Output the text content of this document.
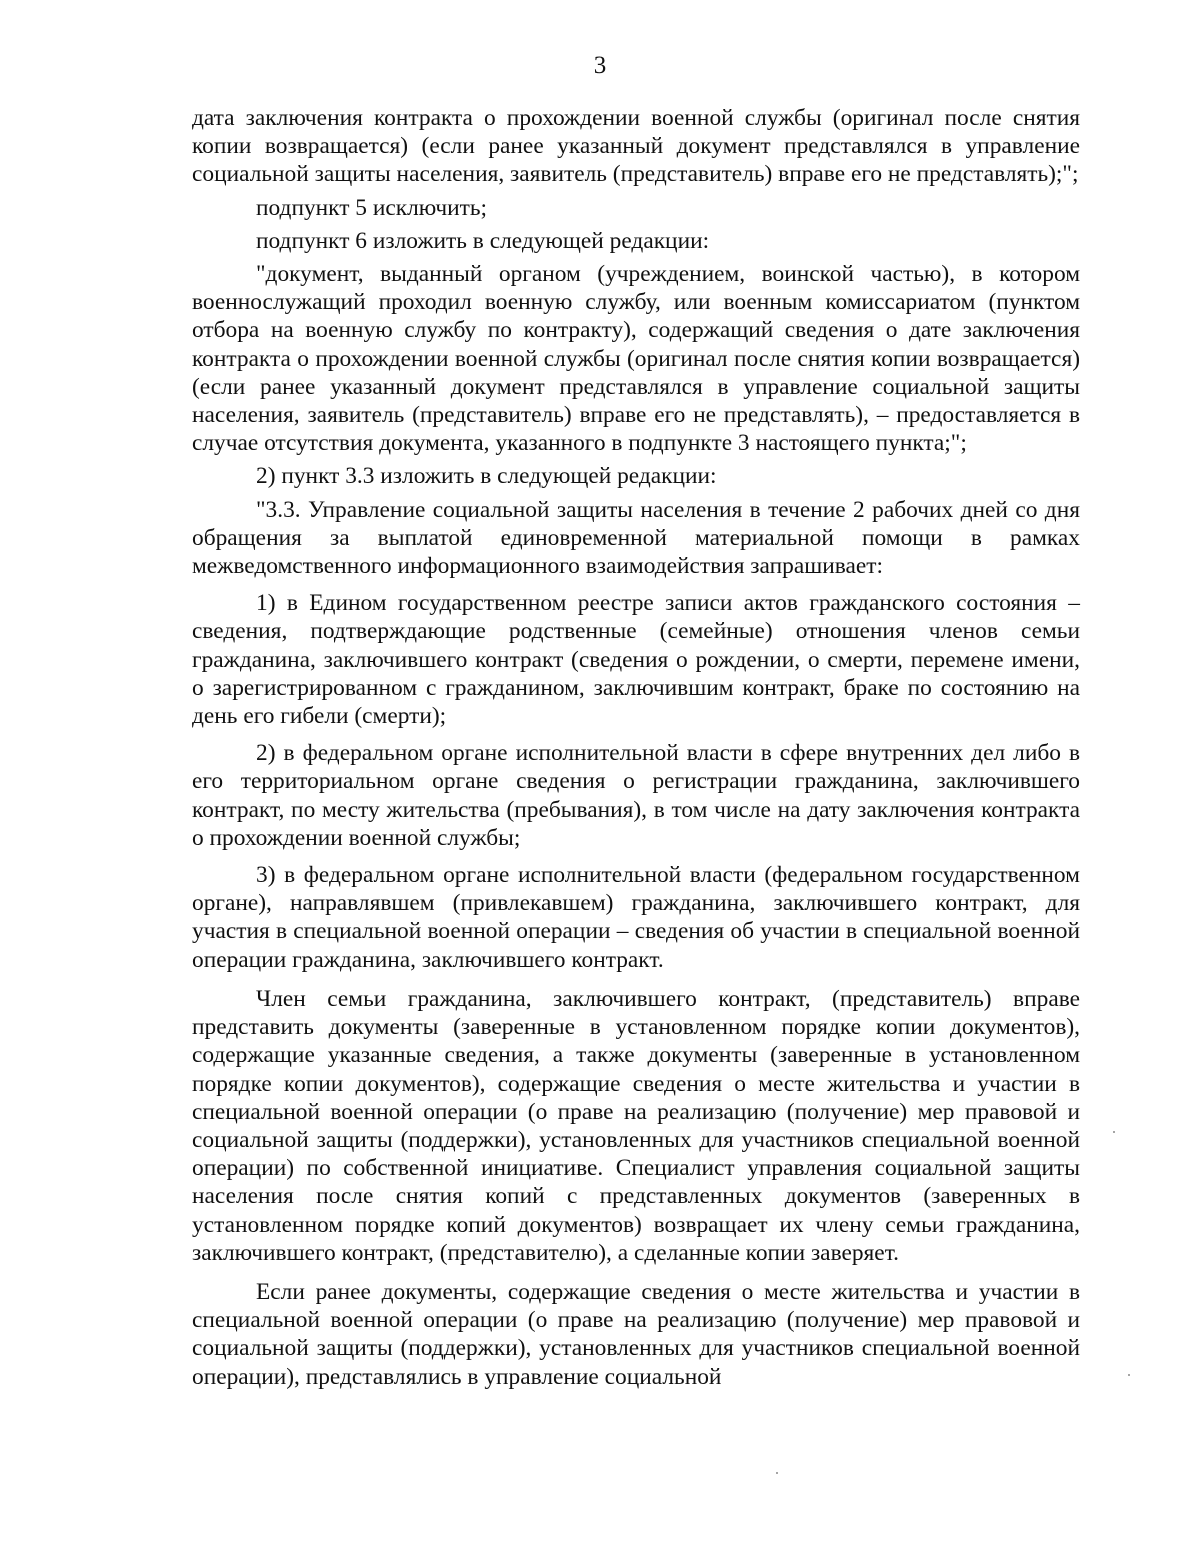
3

дата заключения контракта о прохождении военной службы (оригинал после снятия копии возвращается) (если ранее указанный документ представлялся в управление социальной защиты населения, заявитель (представитель) вправе его не представлять);";

подпункт 5 исключить;

подпункт 6 изложить в следующей редакции:

"документ, выданный органом (учреждением, воинской частью), в котором военнослужащий проходил военную службу, или военным комиссариатом (пунктом отбора на военную службу по контракту), содержащий сведения о дате заключения контракта о прохождении военной службы (оригинал после снятия копии возвращается) (если ранее указанный документ представлялся в управление социальной защиты населения, заявитель (представитель) вправе его не представлять), – предоставляется в случае отсутствия документа, указанного в подпункте 3 настоящего пункта;";

2) пункт 3.3 изложить в следующей редакции:

"3.3. Управление социальной защиты населения в течение 2 рабочих дней со дня обращения за выплатой единовременной материальной помощи в рамках межведомственного информационного взаимодействия запрашивает:

1) в Едином государственном реестре записи актов гражданского состояния – сведения, подтверждающие родственные (семейные) отношения членов семьи гражданина, заключившего контракт (сведения о рождении, о смерти, перемене имени, о зарегистрированном с гражданином, заключившим контракт, браке по состоянию на день его гибели (смерти);

2) в федеральном органе исполнительной власти в сфере внутренних дел либо в его территориальном органе сведения о регистрации гражданина, заключившего контракт, по месту жительства (пребывания), в том числе на дату заключения контракта о прохождении военной службы;

3) в федеральном органе исполнительной власти (федеральном государственном органе), направлявшем (привлекавшем) гражданина, заключившего контракт, для участия в специальной военной операции – сведения об участии в специальной военной операции гражданина, заключившего контракт.

Член семьи гражданина, заключившего контракт, (представитель) вправе представить документы (заверенные в установленном порядке копии документов), содержащие указанные сведения, а также документы (заверенные в установленном порядке копии документов), содержащие сведения о месте жительства и участии в специальной военной операции (о праве на реализацию (получение) мер правовой и социальной защиты (поддержки), установленных для участников специальной военной операции) по собственной инициативе. Специалист управления социальной защиты населения после снятия копий с представленных документов (заверенных в установленном порядке копий документов) возвращает их члену семьи гражданина, заключившего контракт, (представителю), а сделанные копии заверяет.

Если ранее документы, содержащие сведения о месте жительства и участии в специальной военной операции (о праве на реализацию (получение) мер правовой и социальной защиты (поддержки), установленных для участников специальной военной операции), представлялись в управление социальной
